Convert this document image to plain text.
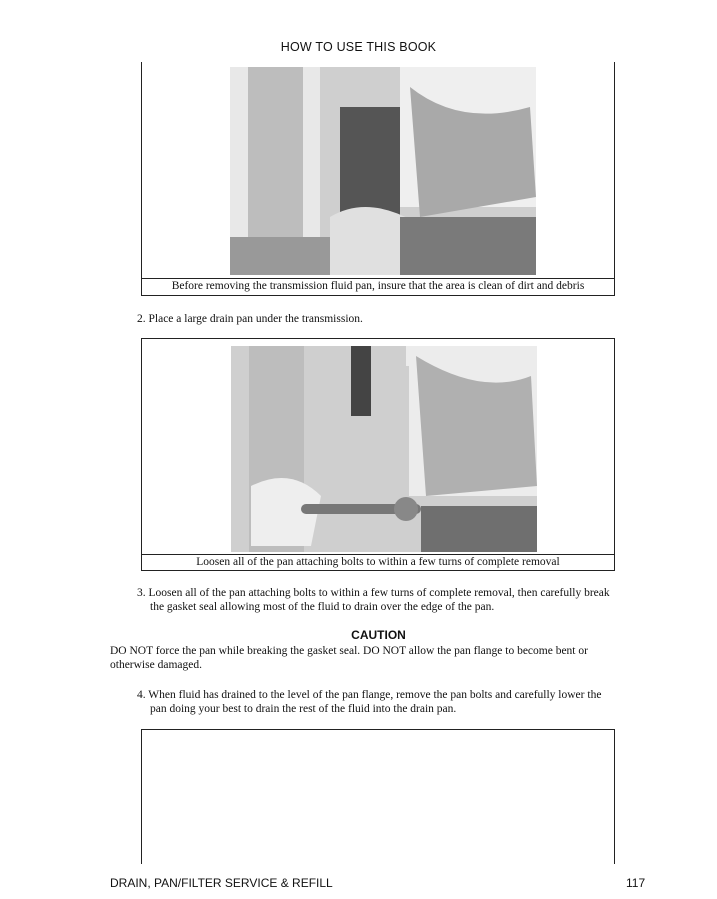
HOW TO USE THIS BOOK
Before removing the transmission fluid pan, insure that the area is clean of dirt and debris
2. Place a large drain pan under the transmission.
Loosen all of the pan attaching bolts to within a few turns of complete removal
3. Loosen all of the pan attaching bolts to within a few turns of complete removal, then carefully break
the gasket seal allowing most of the fluid to drain over the edge of the pan.
CAUTION
DO NOT force the pan while breaking the gasket seal. DO NOT allow the pan flange to become bent or
otherwise damaged.
4. When fluid has drained to the level of the pan flange, remove the pan bolts and carefully lower the
pan doing your best to drain the rest of the fluid into the drain pan.
DRAIN, PAN/FILTER SERVICE & REFILL	117
